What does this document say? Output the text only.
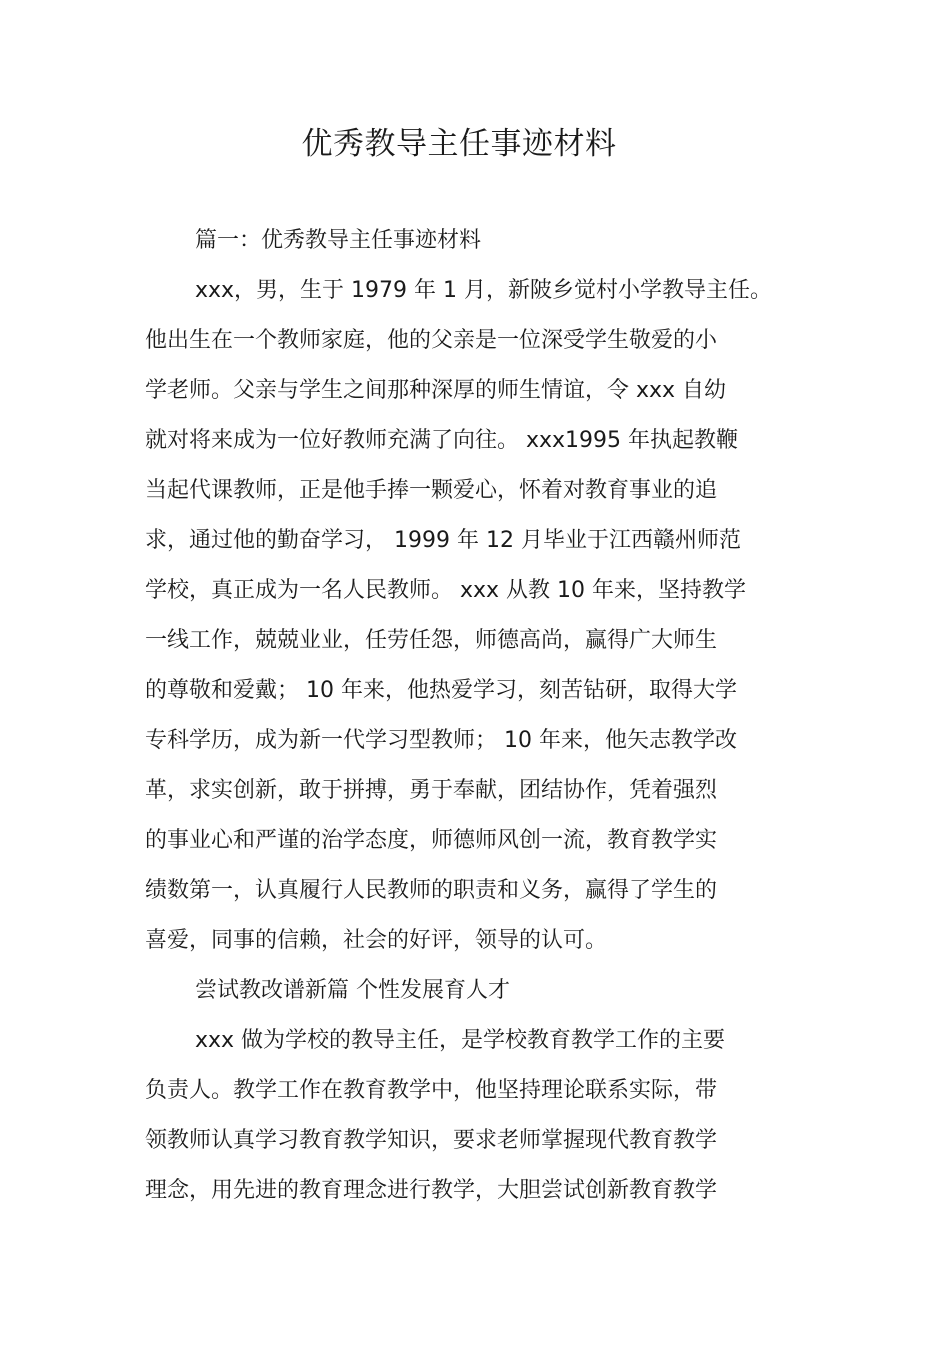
优秀教导主任事迹材料
篇一：优秀教导主任事迹材料
xxx，男，生于 1979 年 1 月，新陂乡觉村小学教导主任。
他出生在一个教师家庭，他的父亲是一位深受学生敬爱的小
学老师。父亲与学生之间那种深厚的师生情谊，令 xxx 自幼
就对将来成为一位好教师充满了向往。 xxx1995 年执起教鞭
当起代课教师，正是他手捧一颗爱心，怀着对教育事业的追
求，通过他的勤奋学习， 1999 年 12 月毕业于江西赣州师范
学校，真正成为一名人民教师。 xxx 从教 10 年来，坚持教学
一线工作，兢兢业业，任劳任怨，师德高尚，赢得广大师生
的尊敬和爱戴； 10 年来，他热爱学习，刻苦钻研，取得大学
专科学历，成为新一代学习型教师； 10 年来，他矢志教学改
革，求实创新，敢于拼搏，勇于奉献，团结协作，凭着强烈
的事业心和严谨的治学态度，师德师风创一流，教育教学实
绩数第一，认真履行人民教师的职责和义务，赢得了学生的
喜爱，同事的信赖，社会的好评，领导的认可。
尝试教改谱新篇 个性发展育人才
xxx 做为学校的教导主任，是学校教育教学工作的主要
负责人。教学工作在教育教学中，他坚持理论联系实际，带
领教师认真学习教育教学知识，要求老师掌握现代教育教学
理念，用先进的教育理念进行教学，大胆尝试创新教育教学
